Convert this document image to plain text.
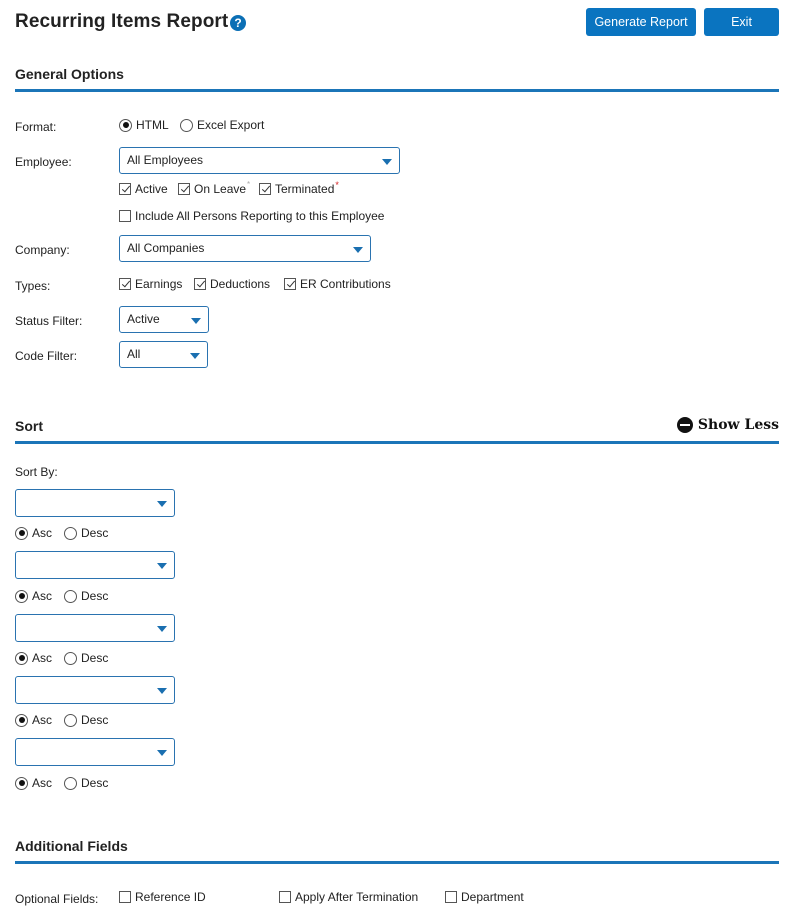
Recurring Items Report ?	Generate Report	Exit
General Options
Format:	HTML Excel Export
Employee:	All Employees
Active On Leave * Terminated *
Include All Persons Reporting to this Employee
Company:	All Companies
Types:	Earnings Deductions ER Contributions
Status Filter:	Active
Code Filter:	All
Sort	Show Less
Sort By:
Asc Desc
Asc Desc
Asc Desc
Asc Desc
Asc Desc
Additional Fields
Optional Fields:	Reference ID	Apply After Termination	Department
